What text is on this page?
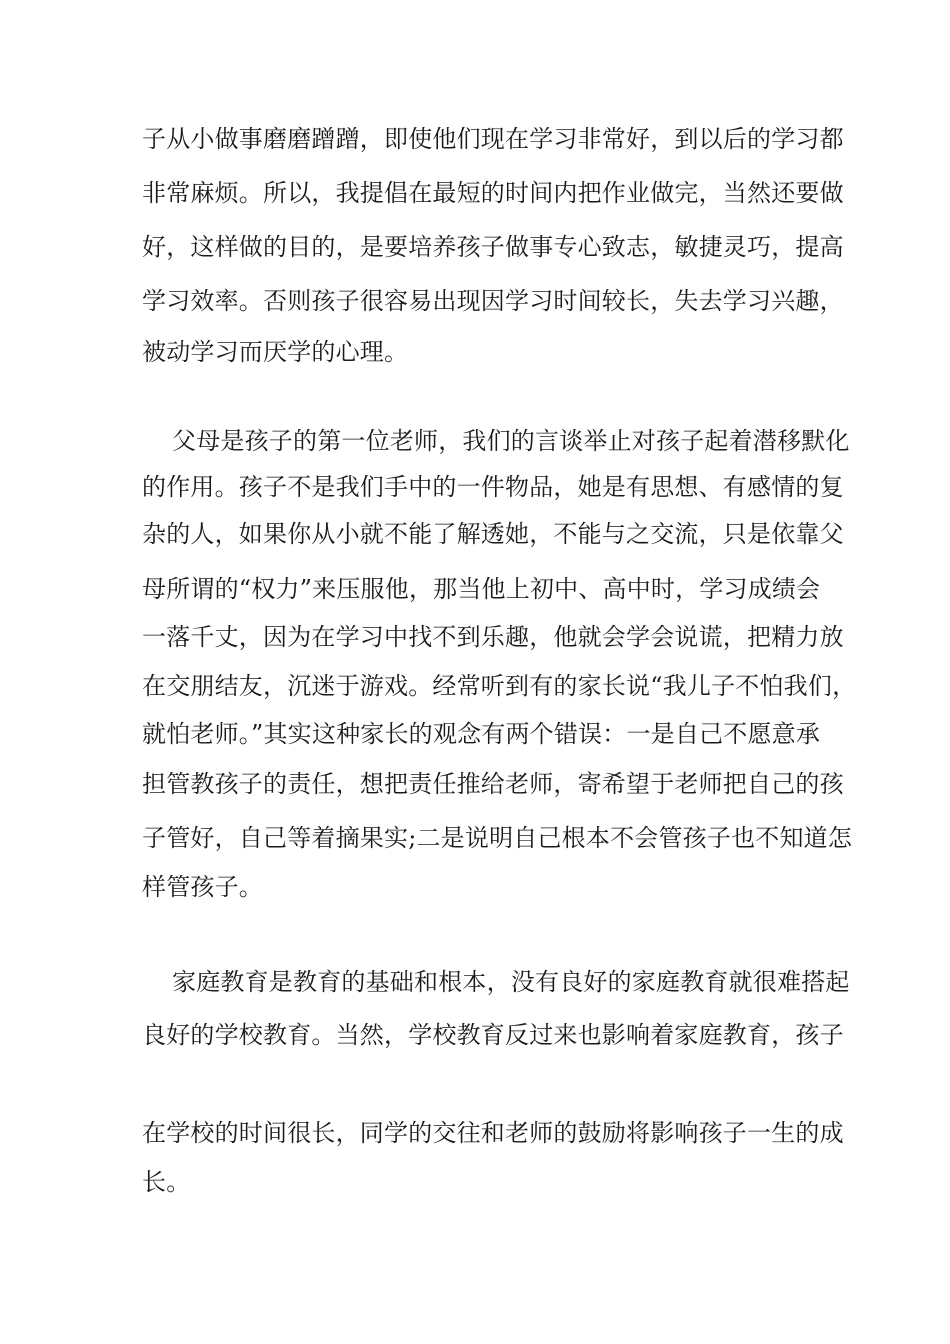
子从小做事磨磨蹭蹭，即使他们现在学习非常好，到以后的学习都
非常麻烦。所以，我提倡在最短的时间内把作业做完，当然还要做
好，这样做的目的，是要培养孩子做事专心致志，敏捷灵巧，提高
学习效率。否则孩子很容易出现因学习时间较长，失去学习兴趣，
被动学习而厌学的心理。
父母是孩子的第一位老师，我们的言谈举止对孩子起着潜移默化
的作用。孩子不是我们手中的一件物品，她是有思想、有感情的复
杂的人，如果你从小就不能了解透她，不能与之交流，只是依靠父
母所谓的“权力”来压服他，那当他上初中、高中时，学习成绩会
一落千丈，因为在学习中找不到乐趣，他就会学会说谎，把精力放
在交朋结友，沉迷于游戏。经常听到有的家长说“我儿子不怕我们，
就怕老师。”其实这种家长的观念有两个错误：一是自己不愿意承
担管教孩子的责任，想把责任推给老师，寄希望于老师把自己的孩
子管好，自己等着摘果实;二是说明自己根本不会管孩子也不知道怎
样管孩子。
家庭教育是教育的基础和根本，没有良好的家庭教育就很难搭起
良好的学校教育。当然，学校教育反过来也影响着家庭教育，孩子
在学校的时间很长，同学的交往和老师的鼓励将影响孩子一生的成
长。
